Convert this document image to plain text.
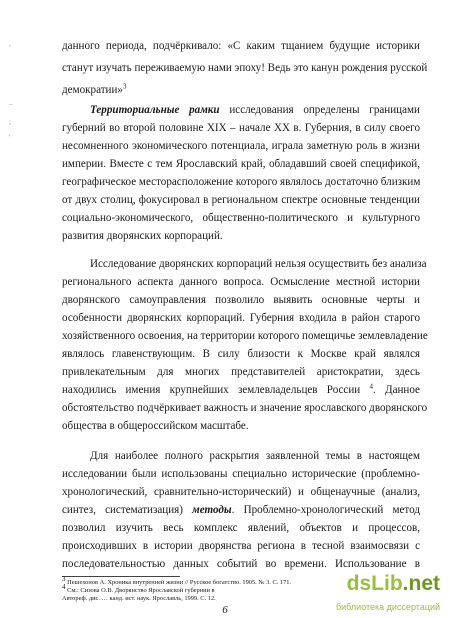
,
–
;
'
данного периода, подчёркивало: «С каким тщанием будущие историки
станут изучать переживаемую нами эпоху! Ведь это канун рождения русской
демократии»$^3$
Территориальные рамки исследования определены границами
губерний во второй половине XIX – начале XX в. Губерния, в силу своего
несомненного экономического потенциала, играла заметную роль в жизни
империи. Вместе с тем Ярославский край, обладавший своей спецификой,
географическое месторасположение которого являлось достаточно близким
от двух столиц, фокусировал в региональном спектре основные тенденции
социально-экономического, общественно-политического и культурного
развития дворянских корпораций.
Исследование дворянских корпораций нельзя осуществить без анализа
регионального аспекта данного вопроса. Осмысление местной истории
дворянского самоуправления позволило выявить основные черты и
особенности дворянских корпораций. Губерния входила в район старого
хозяйственного освоения, на территории которого помещичье землевладение
являлось главенствующим. В силу близости к Москве край являлся
привлекательным для многих представителей аристократии, здесь
находились имения крупнейших землевладельцев России $^4$. Данное
обстоятельство подчёркивает важность и значение ярославского дворянского
общества в общероссийском масштабе.
Для наиболее полного раскрытия заявленной темы в настоящем
исследовании были использованы специально исторические (проблемно-
хронологический, сравнительно-исторический) и общенаучные (анализ,
$^3$ Пешехонов А. Хроника внутренней жизни // Русское богатство. 1905. № 3. С. 171.
$^4$ См.: Сизова О.В. Дворянство Ярославской губернии в
Автореф. дис. … канд. ист. наук. Ярославль, 1999. С. 12.
6
dsLib.net
библиотека диссертаций
синтез, систематизация) методы. Проблемно-хронологический метод
позволил изучить весь комплекс явлений, объектов и процессов,
происходивших в истории дворянства региона в тесной взаимосвязи с
последовательностью данных событий во времени. Использование в
